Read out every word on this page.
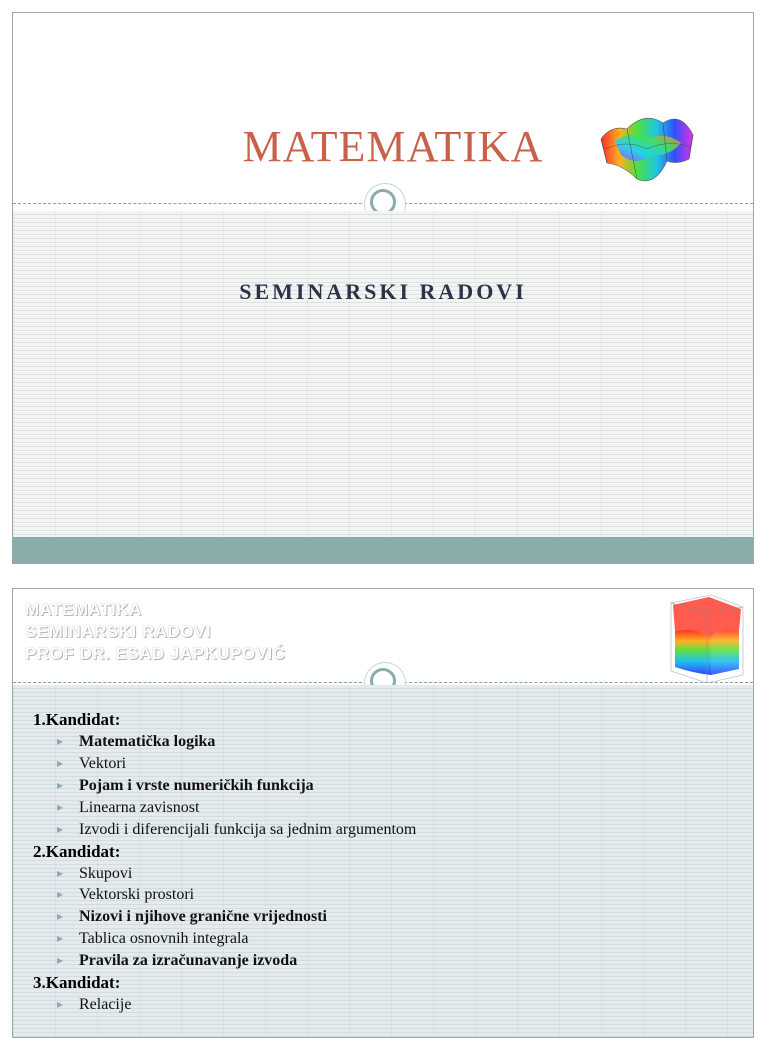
MATEMATIKA
SEMINARSKI RADOVI
MATEMATIKA
SEMINARSKI RADOVI
PROF DR. ESAD JAPKUPOVIĆ
1.Kandidat:
▸ Matematička logika
▸ Vektori
▸ Pojam i vrste numeričkih funkcija
▸ Linearna zavisnost
▸ Izvodi i diferencijali funkcija sa jednim argumentom
2.Kandidat:
▸ Skupovi
▸ Vektorski prostori
▸ Nizovi i njihove granične vrijednosti
▸ Tablica osnovnih integrala
▸ Pravila za izračunavanje izvoda
3.Kandidat:
▸ Relacije
